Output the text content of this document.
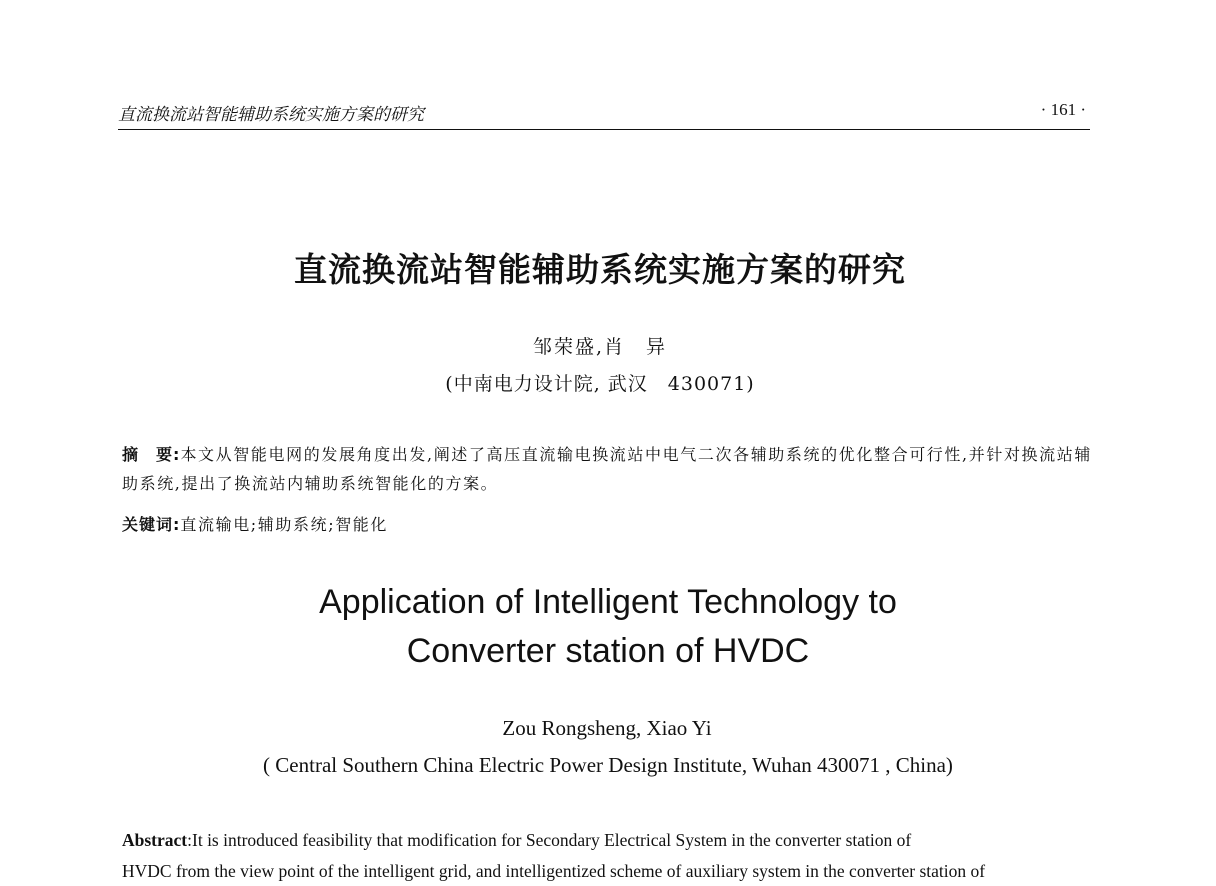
直流换流站智能辅助系统实施方案的研究	· 161 ·
直流换流站智能辅助系统实施方案的研究
邹荣盛,肖　异
(中南电力设计院, 武汉　430071)
摘　要:本文从智能电网的发展角度出发,阐述了高压直流输电换流站中电气二次各辅助系统的优化整合可行性,并针对换流站辅助系统,提出了换流站内辅助系统智能化的方案。
关键词:直流输电;辅助系统;智能化
Application of Intelligent Technology to
Converter station of HVDC
Zou Rongsheng, Xiao Yi
( Central Southern China Electric Power Design Institute, Wuhan 430071 , China)
Abstract:It is introduced feasibility that modification for Secondary Electrical System in the converter station of
HVDC from the view point of the intelligent grid, and intelligentized scheme of auxiliary system in the converter station of
